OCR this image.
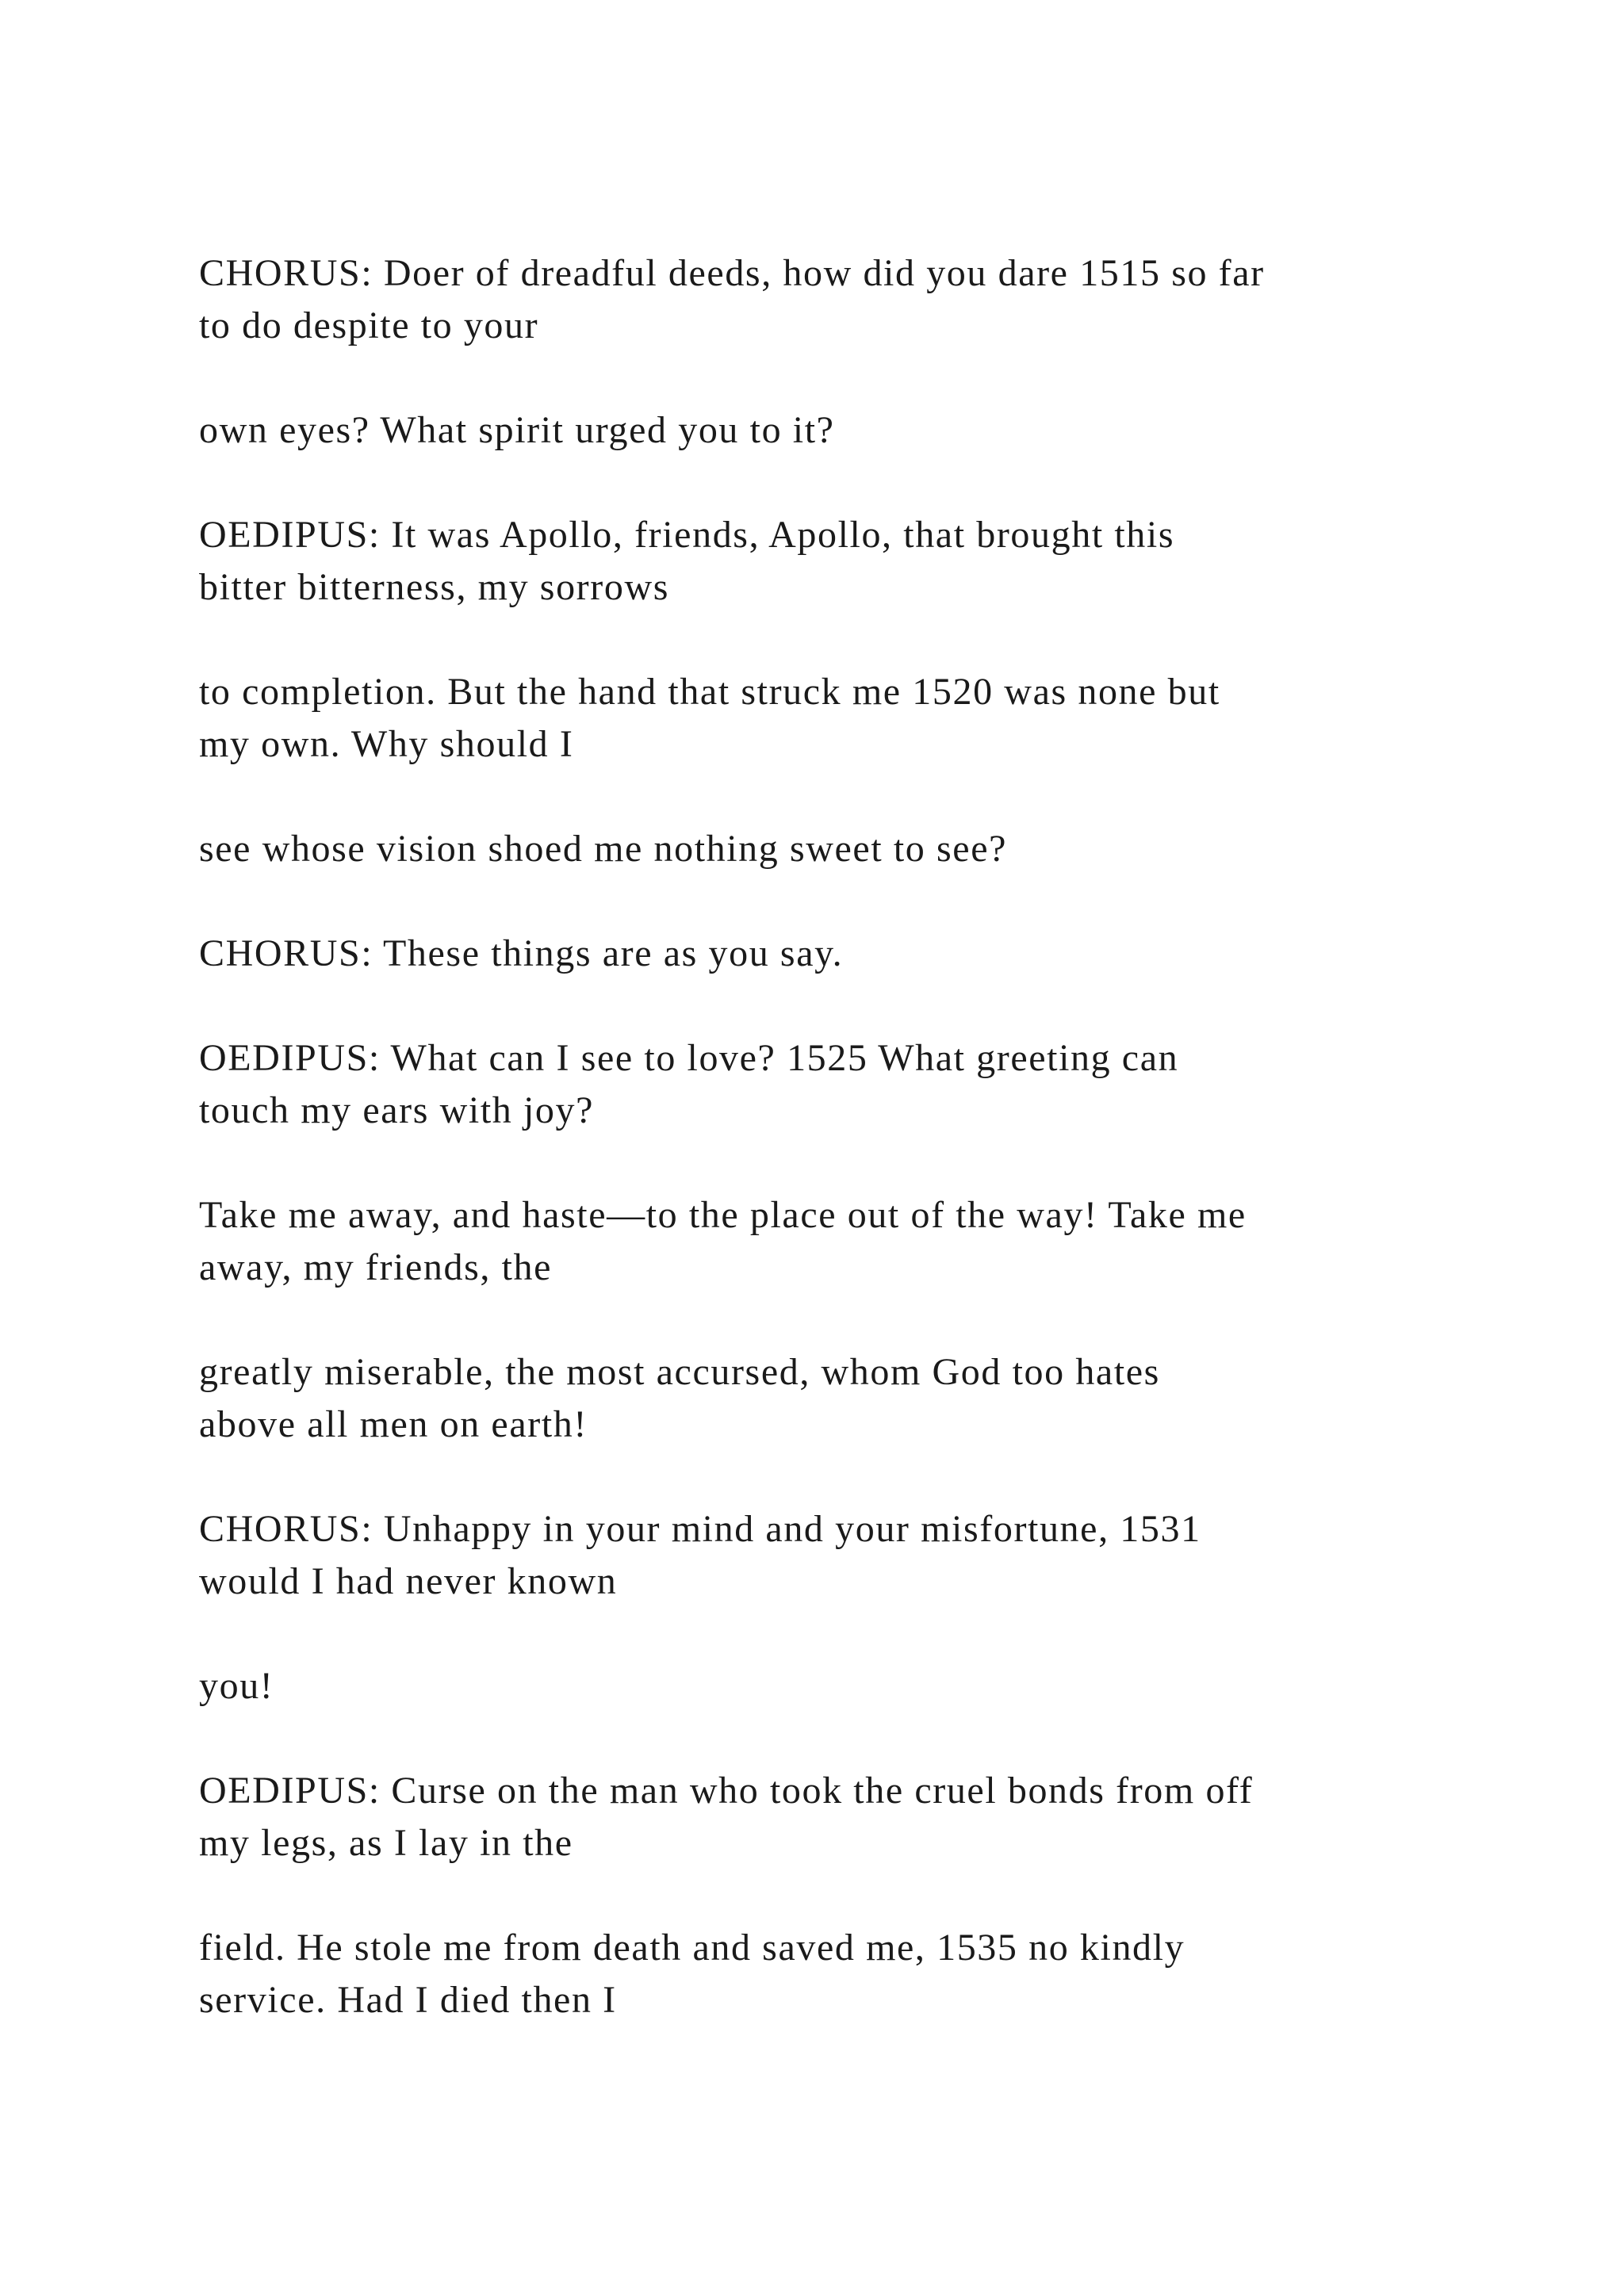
CHORUS: Doer of dreadful deeds, how did you dare 1515 so far
to do despite to your

own eyes? What spirit urged you to it?

OEDIPUS: It was Apollo, friends, Apollo, that brought this
bitter bitterness, my sorrows

to completion. But the hand that struck me 1520 was none but
my own. Why should I

see whose vision shoed me nothing sweet to see?

CHORUS: These things are as you say.

OEDIPUS: What can I see to love? 1525 What greeting can
touch my ears with joy?

Take me away, and haste—to the place out of the way! Take me
away, my friends, the

greatly miserable, the most accursed, whom God too hates
above all men on earth!

CHORUS: Unhappy in your mind and your misfortune, 1531
would I had never known

you!

OEDIPUS: Curse on the man who took the cruel bonds from off
my legs, as I lay in the

field. He stole me from death and saved me, 1535 no kindly
service. Had I died then I
